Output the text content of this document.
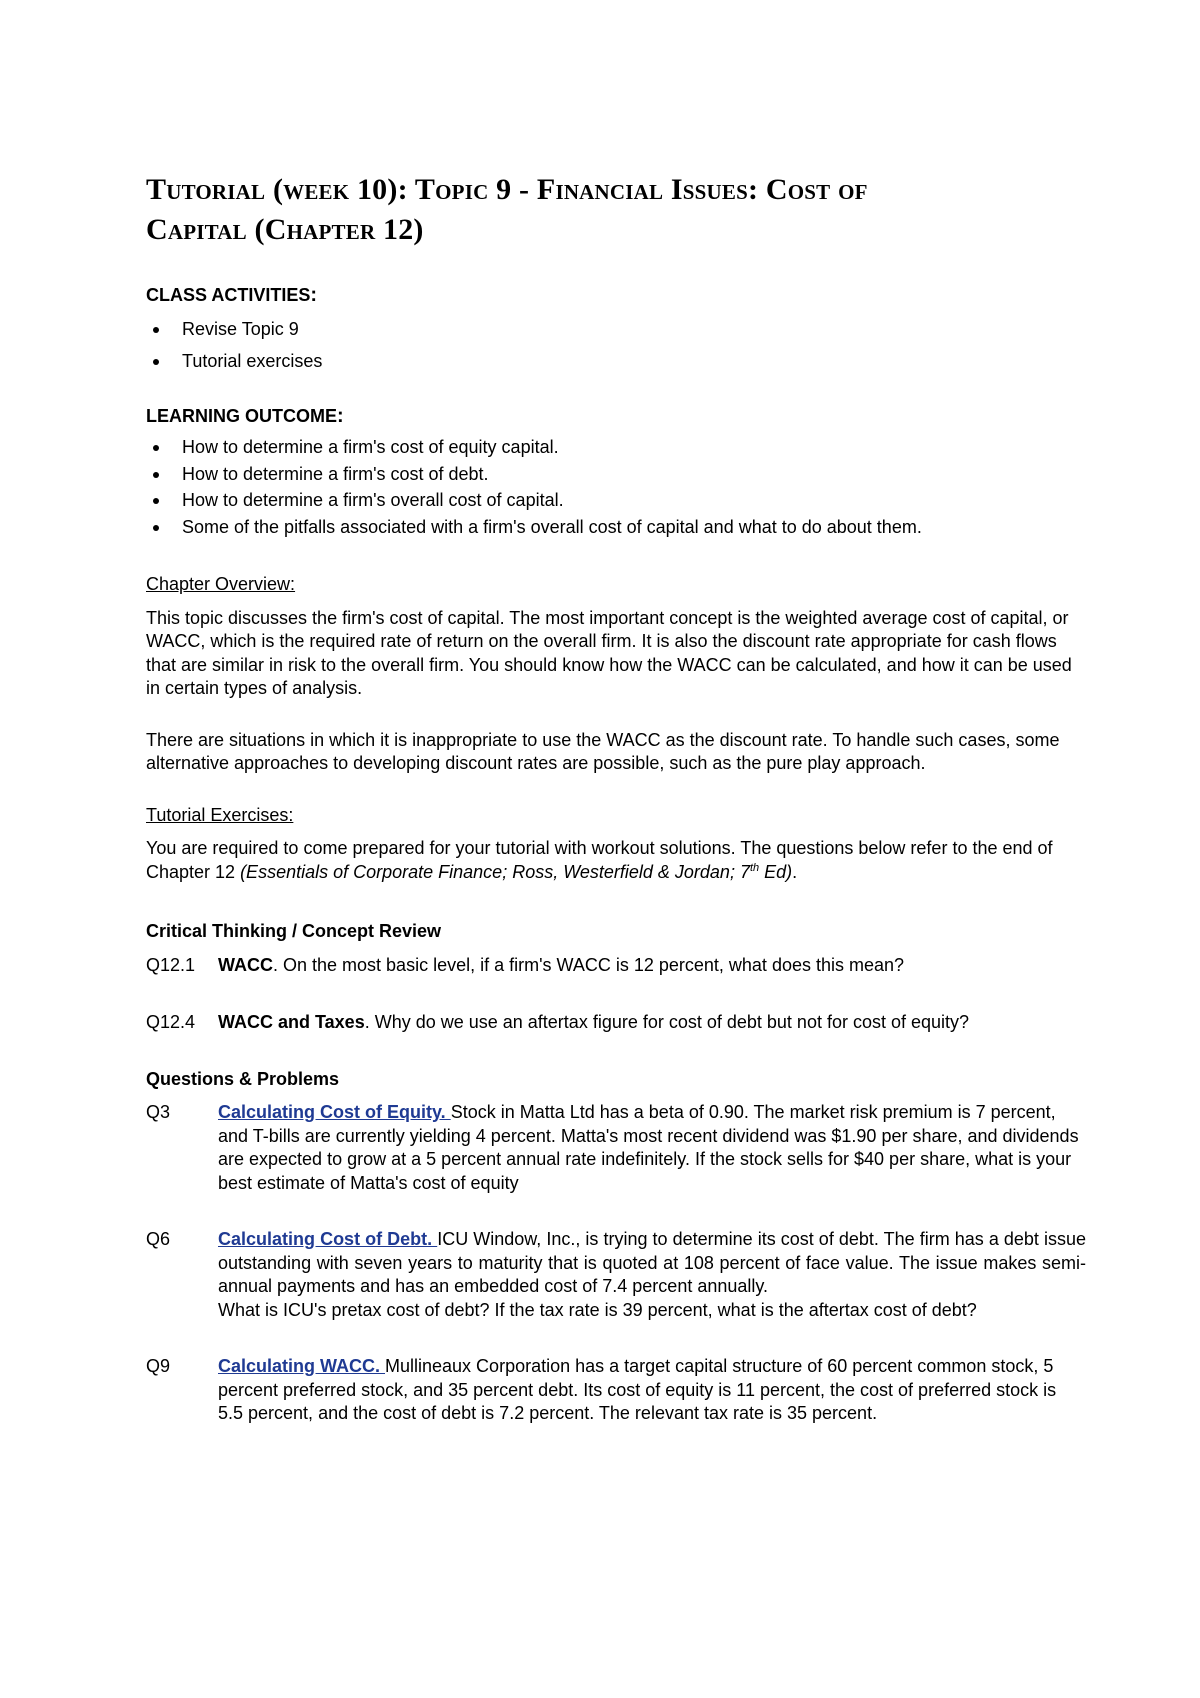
Tutorial (week 10): Topic 9 - Financial Issues: Cost of
Capital (Chapter 12)

CLASS ACTIVITIES:

Revise Topic 9
Tutorial exercises

LEARNING OUTCOME:

How to determine a firm's cost of equity capital.
How to determine a firm's cost of debt.
How to determine a firm's overall cost of capital.
Some of the pitfalls associated with a firm's overall cost of capital and what to do about them.

Chapter Overview:

This topic discusses the firm's cost of capital. The most important concept is the weighted average cost of capital, or WACC, which is the required rate of return on the overall firm. It is also the discount rate appropriate for cash flows that are similar in risk to the overall firm. You should know how the WACC can be calculated, and how it can be used in certain types of analysis.

There are situations in which it is inappropriate to use the WACC as the discount rate. To handle such cases, some alternative approaches to developing discount rates are possible, such as the pure play approach.

Tutorial Exercises:

You are required to come prepared for your tutorial with workout solutions. The questions below refer to the end of Chapter 12 (Essentials of Corporate Finance; Ross, Westerfield & Jordan; 7th Ed).

Critical Thinking / Concept Review

Q12.1 WACC. On the most basic level, if a firm's WACC is 12 percent, what does this mean?

Q12.4 WACC and Taxes. Why do we use an aftertax figure for cost of debt but not for cost of equity?

Questions & Problems

Q3	Calculating Cost of Equity. Stock in Matta Ltd has a beta of 0.90. The market risk premium is 7 percent, and T-bills are currently yielding 4 percent. Matta's most recent dividend was $1.90 per share, and dividends are expected to grow at a 5 percent annual rate indefinitely. If the stock sells for $40 per share, what is your best estimate of Matta's cost of equity

Q6	Calculating Cost of Debt. ICU Window, Inc., is trying to determine its cost of debt. The firm has a debt issue outstanding with seven years to maturity that is quoted at 108 percent of face value. The issue makes semi-annual payments and has an embedded cost of 7.4 percent annually.

What is ICU's pretax cost of debt? If the tax rate is 39 percent, what is the aftertax cost of debt?

Q9	Calculating WACC. Mullineaux Corporation has a target capital structure of 60 percent common stock, 5 percent preferred stock, and 35 percent debt. Its cost of equity is 11 percent, the cost of preferred stock is 5.5 percent, and the cost of debt is 7.2 percent. The relevant tax rate is 35 percent.
